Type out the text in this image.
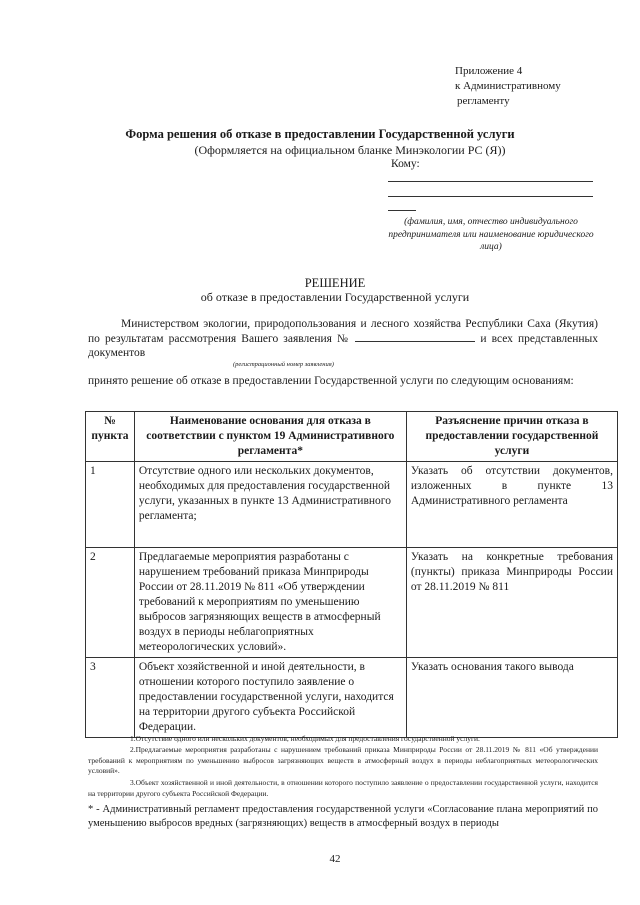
Приложение 4
к Административному
регламенту
Форма решения об отказе в предоставлении Государственной услуги
(Оформляется на официальном бланке Минэкологии РС (Я))
Кому:
(фамилия, имя, отчество индивидуального предпринимателя или наименование юридического лица)
РЕШЕНИЕ
об отказе в предоставлении Государственной услуги
Министерством экологии, природопользования и лесного хозяйства Республики Саха (Якутия) по результатам рассмотрения Вашего заявления №	и всех представленных документов
(регистрационный номер заявления)
принято решение об отказе в предоставлении Государственной услуги по следующим основаниям:
№ пункта	Наименование основания для отказа в соответствии с пунктом 19 Административного регламента*	Разъяснение причин отказа в предоставлении государственной услуги
1	Отсутствие одного или нескольких документов, необходимых для предоставления государственной услуги, указанных в пункте 13 Административного регламента;	Указать об отсутствии документов, изложенных в пункте 13 Административного регламента
2	Предлагаемые мероприятия разработаны с нарушением требований приказа Минприроды России от 28.11.2019 № 811 «Об утверждении требований к мероприятиям по уменьшению выбросов загрязняющих веществ в атмосферный воздух в периоды неблагоприятных метеорологических условий».	Указать на конкретные требования (пункты) приказа Минприроды России от 28.11.2019 № 811
3	Объект хозяйственной и иной деятельности, в отношении которого поступило заявление о предоставлении государственной услуги, находится на территории другого субъекта Российской Федерации.	Указать основания такого вывода
1.Отсутствие одного или нескольких документов, необходимых для предоставления государственной услуги.
2.Предлагаемые мероприятия разработаны с нарушением требований приказа Минприроды России от 28.11.2019 № 811 «Об утверждении требований к мероприятиям по уменьшению выбросов загрязняющих веществ в атмосферный воздух в периоды неблагоприятных метеорологических условий».
3.Объект хозяйственной и иной деятельности, в отношении которого поступило заявление о предоставлении государственной услуги, находится на территории другого субъекта Российской Федерации.
* - Административный регламент предоставления государственной услуги «Согласование плана мероприятий по уменьшению выбросов вредных (загрязняющих) веществ в атмосферный воздух в периоды
42
